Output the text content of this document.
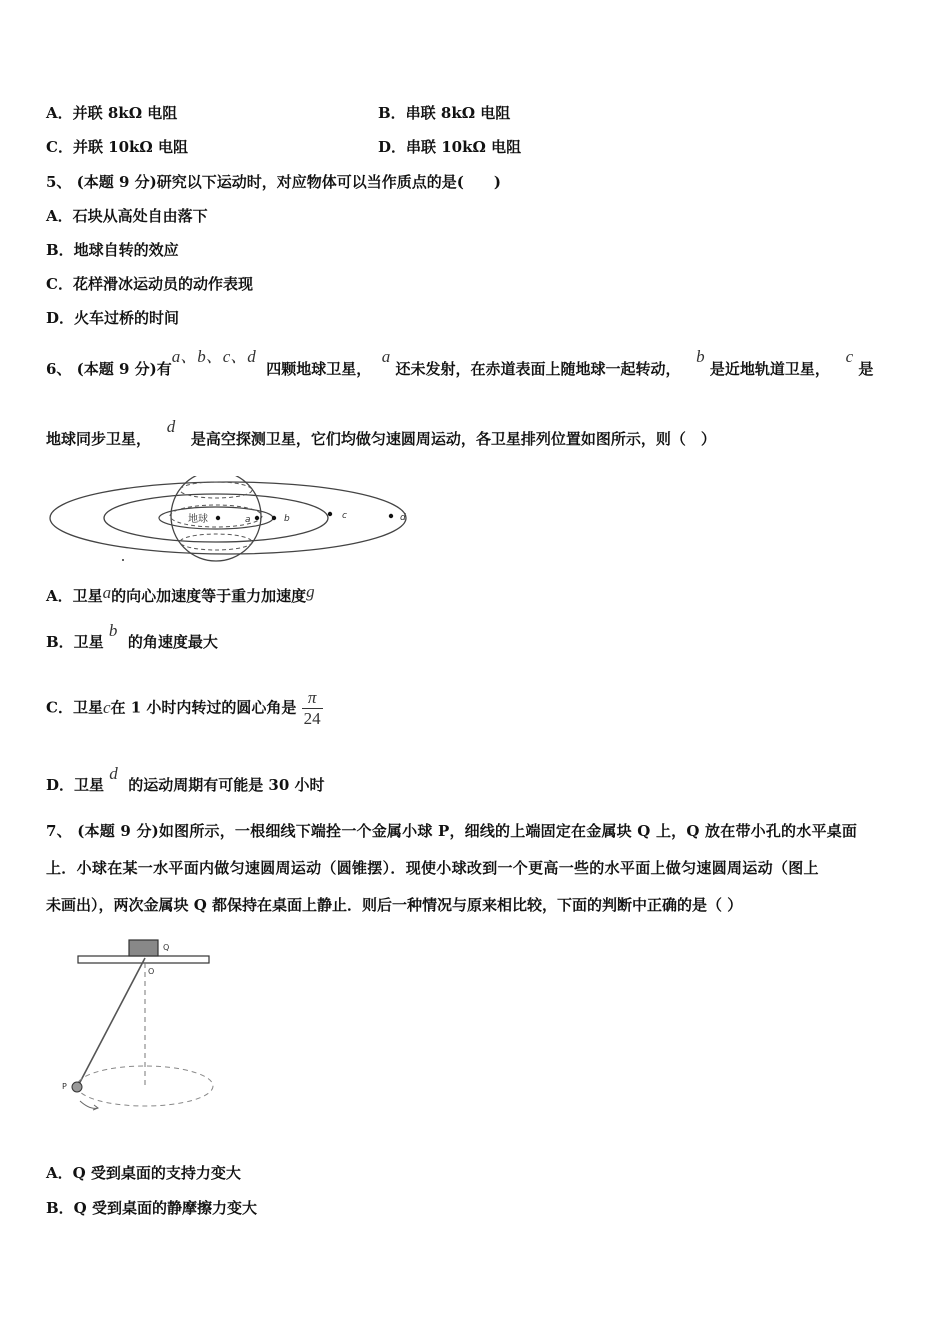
A．并联 8kΩ 电阻	B．串联 8kΩ 电阻
C．并联 10kΩ 电阻	D．串联 10kΩ 电阻
5、 (本题 9 分)研究以下运动时，对应物体可以当作质点的是(　　)
A．石块从高处自由落下
B．地球自转的效应
C．花样滑冰运动员的动作表现
D．火车过桥的时间
6、 (本题 9 分)有a、b、c、d  四颗地球卫星，  a 还未发射，在赤道表面上随地球一起转动，   b 是近地轨道卫星，   c 是
地球同步卫星，   d   是高空探测卫星，它们均做匀速圆周运动，各卫星排列位置如图所示，则（　）
地球	a	b	c	d
A．卫星a的向心加速度等于重力加速度g
B．卫星 b  的角速度最大
C．卫星c在 1 小时内转过的圆心角是 $\frac{\pi}{24}$
D．卫星 d  的运动周期有可能是 30 小时
7、 (本题 9 分)如图所示，一根细线下端拴一个金属小球 P，细线的上端固定在金属块 Q 上，Q 放在带小孔的水平桌面
上．小球在某一水平面内做匀速圆周运动（圆锥摆）．现使小球改到一个更高一些的水平面上做匀速圆周运动（图上
未画出），两次金属块 Q 都保持在桌面上静止．则后一种情况与原来相比较，下面的判断中正确的是（ ）
Q
O
P
A．Q 受到桌面的支持力变大
B．Q 受到桌面的静摩擦力变大
